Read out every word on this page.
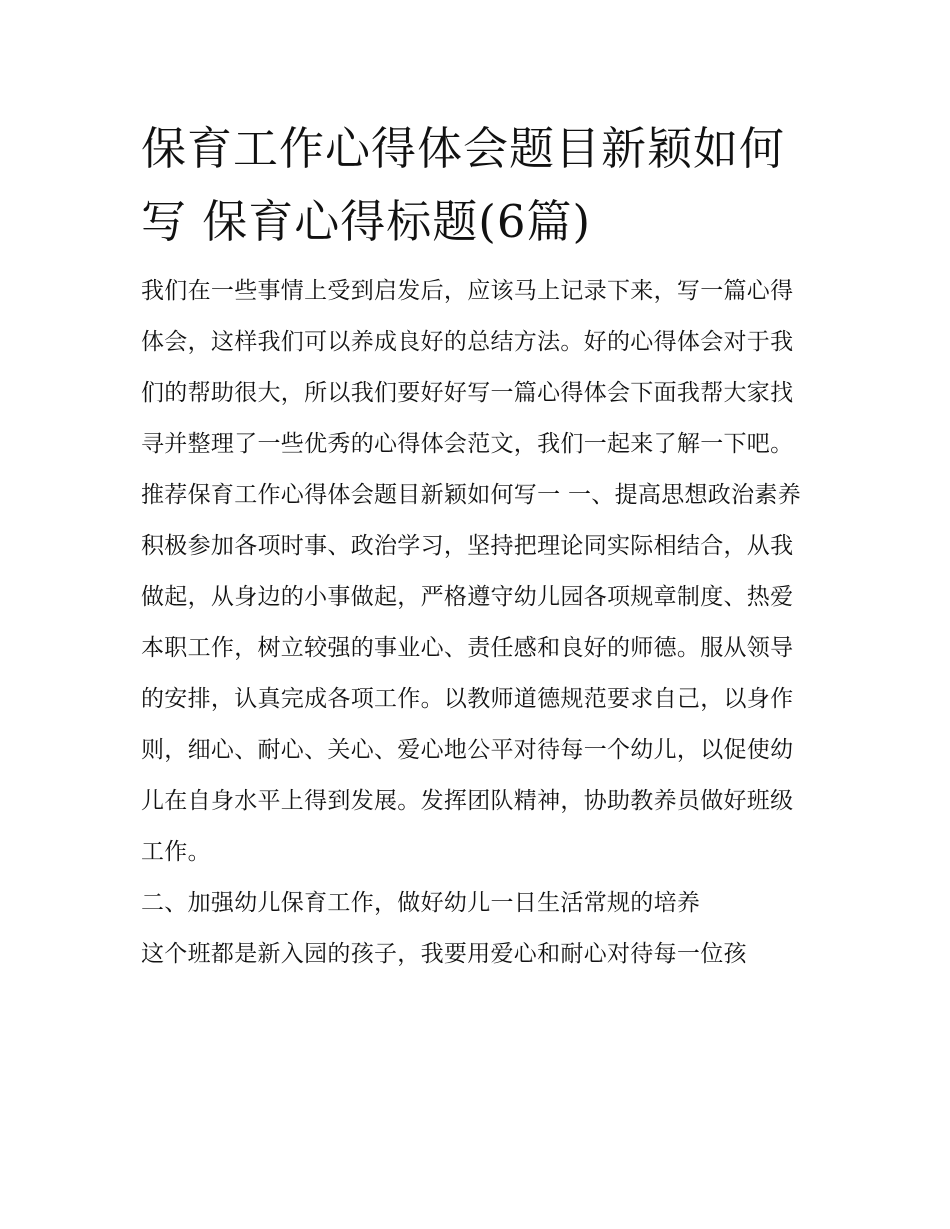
保育工作心得体会题目新颖如何写 保育心得标题(6篇)

我们在一些事情上受到启发后，应该马上记录下来，写一篇心得体会，这样我们可以养成良好的总结方法。好的心得体会对于我们的帮助很大，所以我们要好好写一篇心得体会下面我帮大家找寻并整理了一些优秀的心得体会范文，我们一起来了解一下吧。

推荐保育工作心得体会题目新颖如何写一 一、提高思想政治素养

积极参加各项时事、政治学习，坚持把理论同实际相结合，从我做起，从身边的小事做起，严格遵守幼儿园各项规章制度、热爱本职工作，树立较强的事业心、责任感和良好的师德。服从领导的安排，认真完成各项工作。以教师道德规范要求自己，以身作则，细心、耐心、关心、爱心地公平对待每一个幼儿，以促使幼儿在自身水平上得到发展。发挥团队精神，协助教养员做好班级工作。

二、加强幼儿保育工作，做好幼儿一日生活常规的培养

这个班都是新入园的孩子，我要用爱心和耐心对待每一位孩
